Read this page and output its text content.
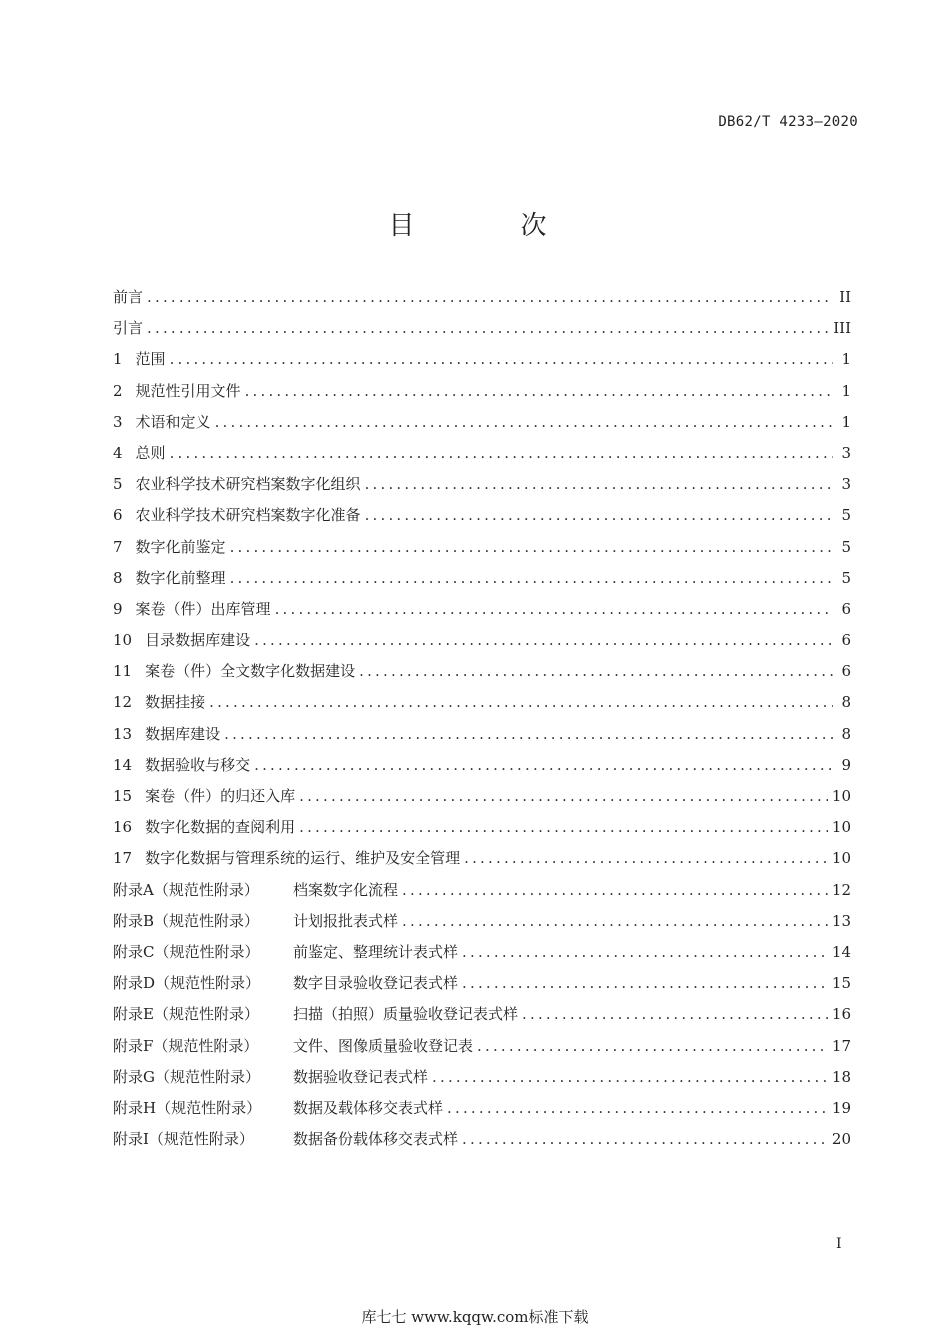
DB62/T 4233—2020
目　次
前言 .....	II
引言 .....	III
1 范围 .....	1
2 规范性引用文件 .....	1
3 术语和定义 .....	1
4 总则 .....	3
5 农业科学技术研究档案数字化组织 .....	3
6 农业科学技术研究档案数字化准备 .....	5
7 数字化前鉴定 .....	5
8 数字化前整理 .....	5
9 案卷（件）出库管理 .....	6
10 目录数据库建设 .....	6
11 案卷（件）全文数字化数据建设 .....	6
12 数据挂接 .....	8
13 数据库建设 .....	8
14 数据验收与移交 .....	9
15 案卷（件）的归还入库 .....	10
16 数字化数据的查阅利用 .....	10
17 数字化数据与管理系统的运行、维护及安全管理 .....	10
附录A（规范性附录）	档案数字化流程 .....	12
附录B（规范性附录）	计划报批表式样 .....	13
附录C（规范性附录）	前鉴定、整理统计表式样 .....	14
附录D（规范性附录）	数字目录验收登记表式样 .....	15
附录E（规范性附录）	扫描（拍照）质量验收登记表式样 .....	16
附录F（规范性附录）	文件、图像质量验收登记表 .....	17
附录G（规范性附录）	数据验收登记表式样 .....	18
附录H（规范性附录）	数据及载体移交表式样 .....	19
附录I（规范性附录）	数据备份载体移交表式样 .....	20
I
库七七 www.kqqw.com标准下载
